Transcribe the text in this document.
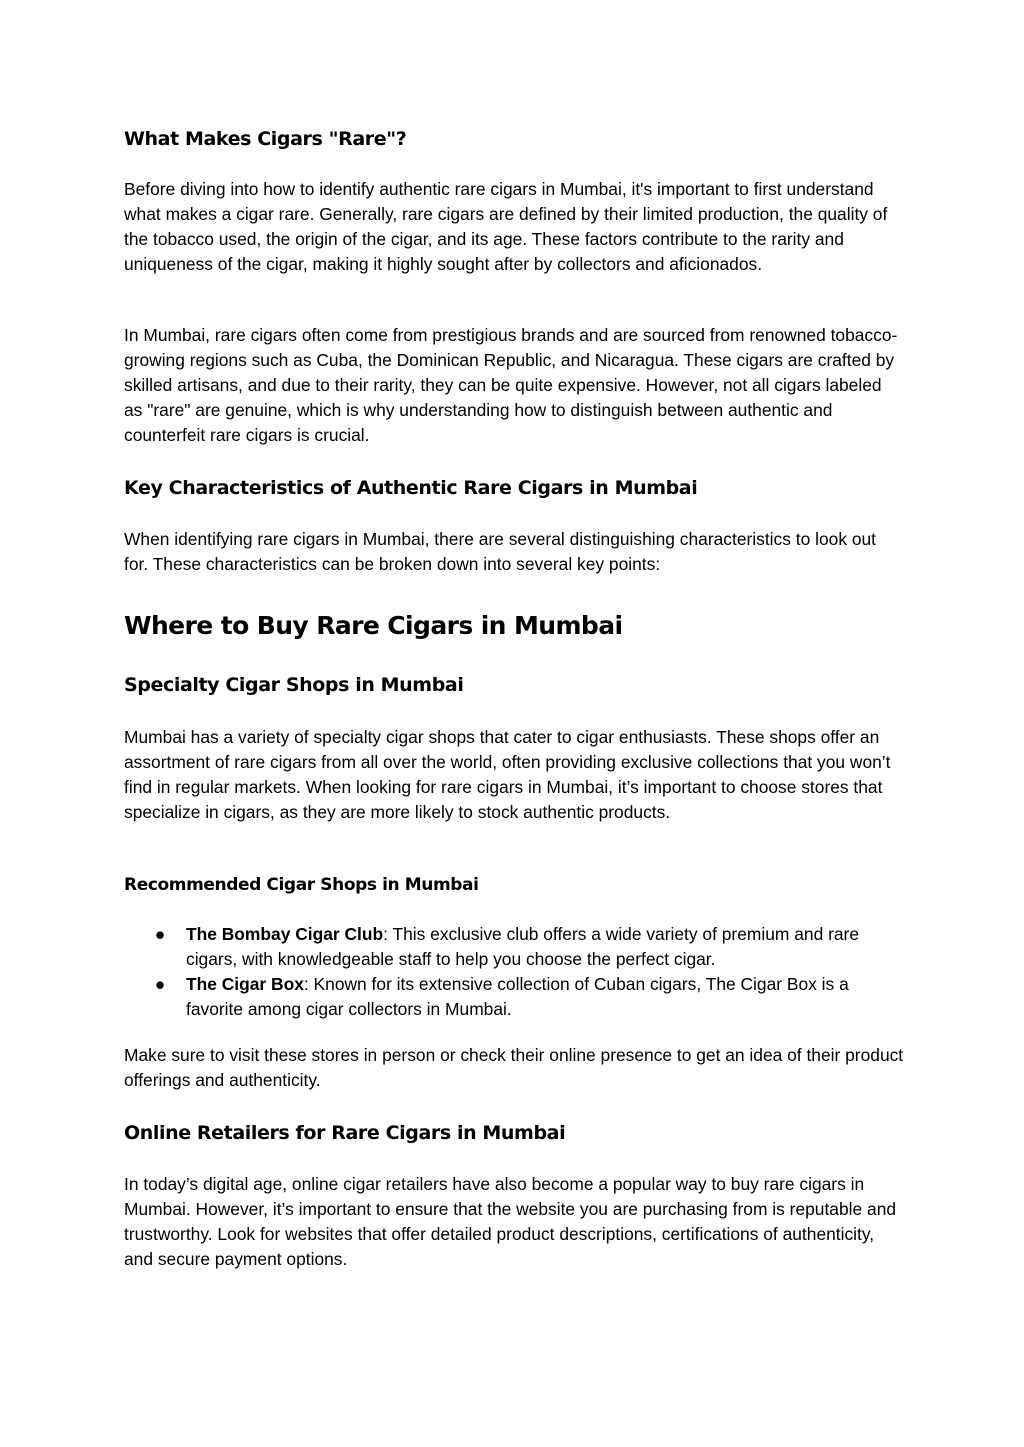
What Makes Cigars "Rare"?

Before diving into how to identify authentic rare cigars in Mumbai, it's important to first understand what makes a cigar rare. Generally, rare cigars are defined by their limited production, the quality of the tobacco used, the origin of the cigar, and its age. These factors contribute to the rarity and uniqueness of the cigar, making it highly sought after by collectors and aficionados.

In Mumbai, rare cigars often come from prestigious brands and are sourced from renowned tobacco-growing regions such as Cuba, the Dominican Republic, and Nicaragua. These cigars are crafted by skilled artisans, and due to their rarity, they can be quite expensive. However, not all cigars labeled as "rare" are genuine, which is why understanding how to distinguish between authentic and counterfeit rare cigars is crucial.

Key Characteristics of Authentic Rare Cigars in Mumbai

When identifying rare cigars in Mumbai, there are several distinguishing characteristics to look out for. These characteristics can be broken down into several key points:

Where to Buy Rare Cigars in Mumbai
Specialty Cigar Shops in Mumbai

Mumbai has a variety of specialty cigar shops that cater to cigar enthusiasts. These shops offer an assortment of rare cigars from all over the world, often providing exclusive collections that you won’t find in regular markets. When looking for rare cigars in Mumbai, it’s important to choose stores that specialize in cigars, as they are more likely to stock authentic products.

Recommended Cigar Shops in Mumbai
● The Bombay Cigar Club: This exclusive club offers a wide variety of premium and rare cigars, with knowledgeable staff to help you choose the perfect cigar.
● The Cigar Box: Known for its extensive collection of Cuban cigars, The Cigar Box is a favorite among cigar collectors in Mumbai.

Make sure to visit these stores in person or check their online presence to get an idea of their product offerings and authenticity.

Online Retailers for Rare Cigars in Mumbai

In today’s digital age, online cigar retailers have also become a popular way to buy rare cigars in Mumbai. However, it’s important to ensure that the website you are purchasing from is reputable and trustworthy. Look for websites that offer detailed product descriptions, certifications of authenticity, and secure payment options.
